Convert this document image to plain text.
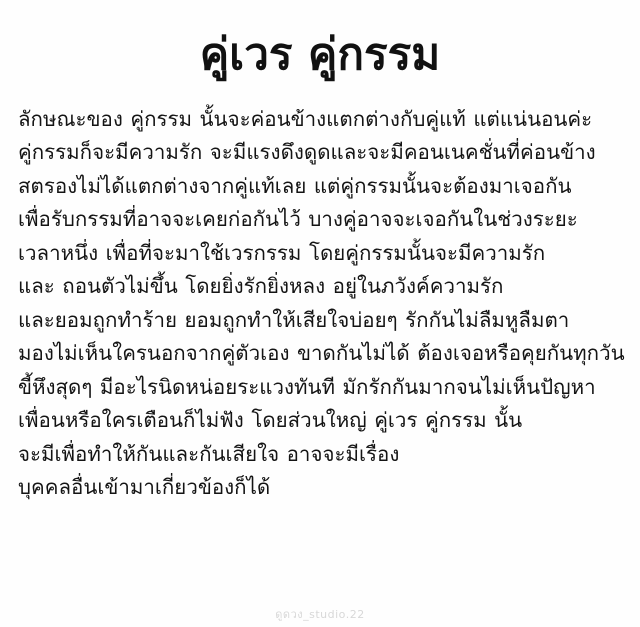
คู่เวร คู่กรรม
ลักษณะของ คู่กรรม นั้นจะค่อนข้างแตกต่างกับคู่แท้ แต่แน่นอนค่ะ
คู่กรรมก็จะมีความรัก จะมีแรงดึงดูดและจะมีคอนเนคชั่นที่ค่อนข้าง
สตรองไม่ได้แตกต่างจากคู่แท้เลย แต่คู่กรรมนั้นจะต้องมาเจอกัน
เพื่อรับกรรมที่อาจจะเคยก่อกันไว้ บางคู่อาจจะเจอกันในช่วงระยะ
เวลาหนึ่ง เพื่อที่จะมาใช้เวรกรรม โดยคู่กรรมนั้นจะมีความรัก
และ ถอนตัวไม่ขึ้น โดยยิ่งรักยิ่งหลง อยู่ในภวังค์ความรัก
และยอมถูกทำร้าย ยอมถูกทำให้เสียใจบ่อยๆ รักกันไม่ลืมหูลืมตา
มองไม่เห็นใครนอกจากคู่ตัวเอง ขาดกันไม่ได้ ต้องเจอหรือคุยกันทุกวัน
ขี้หึงสุดๆ มีอะไรนิดหน่อยระแวงทันที มักรักกันมากจนไม่เห็นปัญหา
เพื่อนหรือใครเตือนก็ไม่ฟัง โดยส่วนใหญ่ คู่เวร คู่กรรม นั้น
จะมีเพื่อทำให้กันและกันเสียใจ อาจจะมีเรื่อง
บุคคลอื่นเข้ามาเกี่ยวข้องก็ได้
ดูดวง_studio.22
